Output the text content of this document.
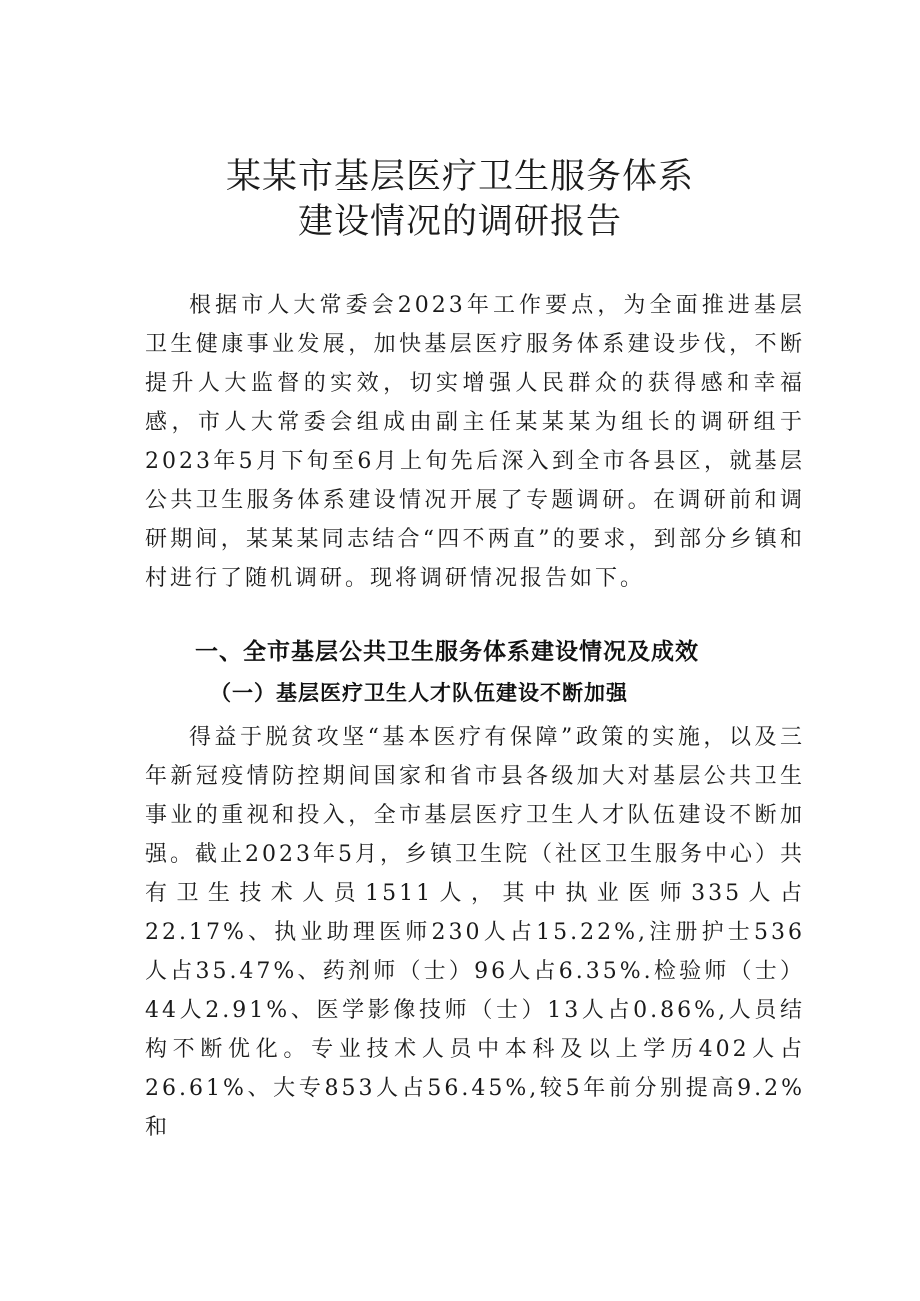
某某市基层医疗卫生服务体系
建设情况的调研报告
根据市人大常委会2023年工作要点，为全面推进基层卫生健康事业发展，加快基层医疗服务体系建设步伐，不断提升人大监督的实效，切实增强人民群众的获得感和幸福感，市人大常委会组成由副主任某某某为组长的调研组于2023年5月下旬至6月上旬先后深入到全市各县区，就基层公共卫生服务体系建设情况开展了专题调研。在调研前和调研期间，某某某同志结合“四不两直”的要求，到部分乡镇和村进行了随机调研。现将调研情况报告如下。
一、全市基层公共卫生服务体系建设情况及成效
（一）基层医疗卫生人才队伍建设不断加强
得益于脱贫攻坚“基本医疗有保障”政策的实施，以及三年新冠疫情防控期间国家和省市县各级加大对基层公共卫生事业的重视和投入，全市基层医疗卫生人才队伍建设不断加强。截止2023年5月，乡镇卫生院（社区卫生服务中心）共有卫生技术人员1511人，其中执业医师335人占22.17%、执业助理医师230人占15.22%,注册护士536人占35.47%、药剂师（士）96人占6.35%.检验师（士）44人2.91%、医学影像技师（士）13人占0.86%,人员结构不断优化。专业技术人员中本科及以上学历402人占26.61%、大专853人占56.45%,较5年前分别提高9.2%和
